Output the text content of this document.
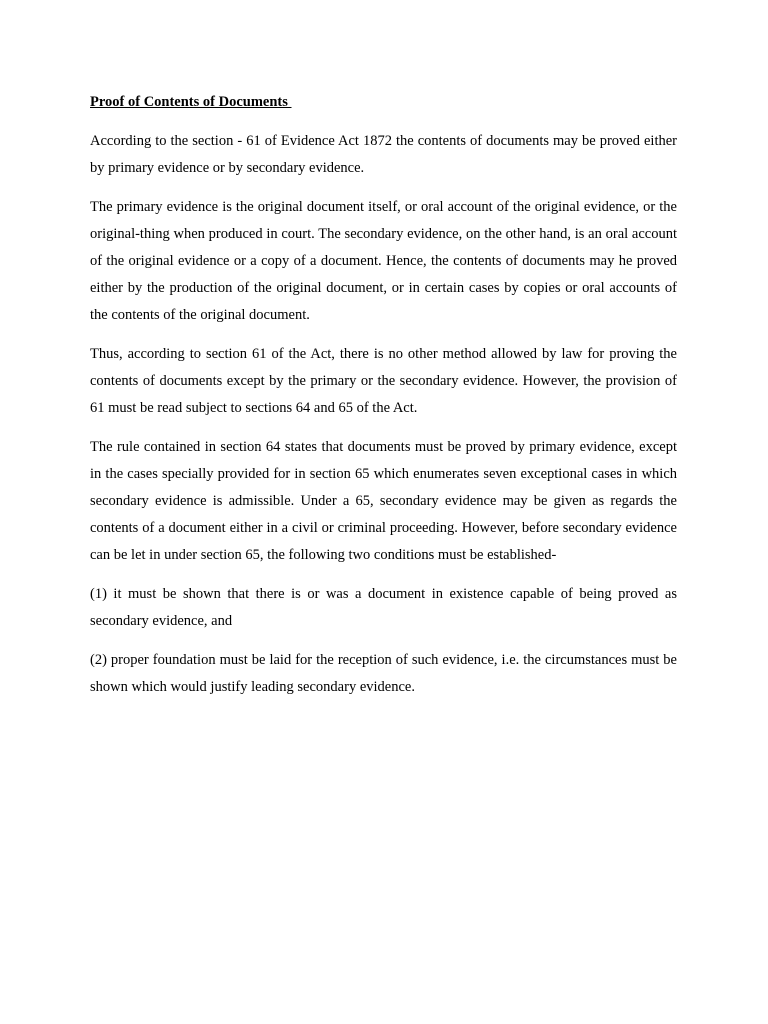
Proof of Contents of Documents

According to the section - 61 of Evidence Act 1872 the contents of documents may be proved either by primary evidence or by secondary evidence.

The primary evidence is the original document itself, or oral account of the original evidence, or the original-thing when produced in court. The secondary evidence, on the other hand, is an oral account of the original evidence or a copy of a document. Hence, the contents of documents may he proved either by the production of the original document, or in certain cases by copies or oral accounts of the contents of the original document.

Thus, according to section 61 of the Act, there is no other method allowed by law for proving the contents of documents except by the primary or the secondary evidence. However, the provision of 61 must be read subject to sections 64 and 65 of the Act.

The rule contained in section 64 states that documents must be proved by primary evidence, except in the cases specially provided for in section 65 which enumerates seven exceptional cases in which secondary evidence is admissible. Under a 65, secondary evidence may be given as regards the contents of a document either in a civil or criminal proceeding. However, before secondary evidence can be let in under section 65, the following two conditions must be established-

(1) it must be shown that there is or was a document in existence capable of being proved as secondary evidence, and

(2) proper foundation must be laid for the reception of such evidence, i.e. the circumstances must be shown which would justify leading secondary evidence.
